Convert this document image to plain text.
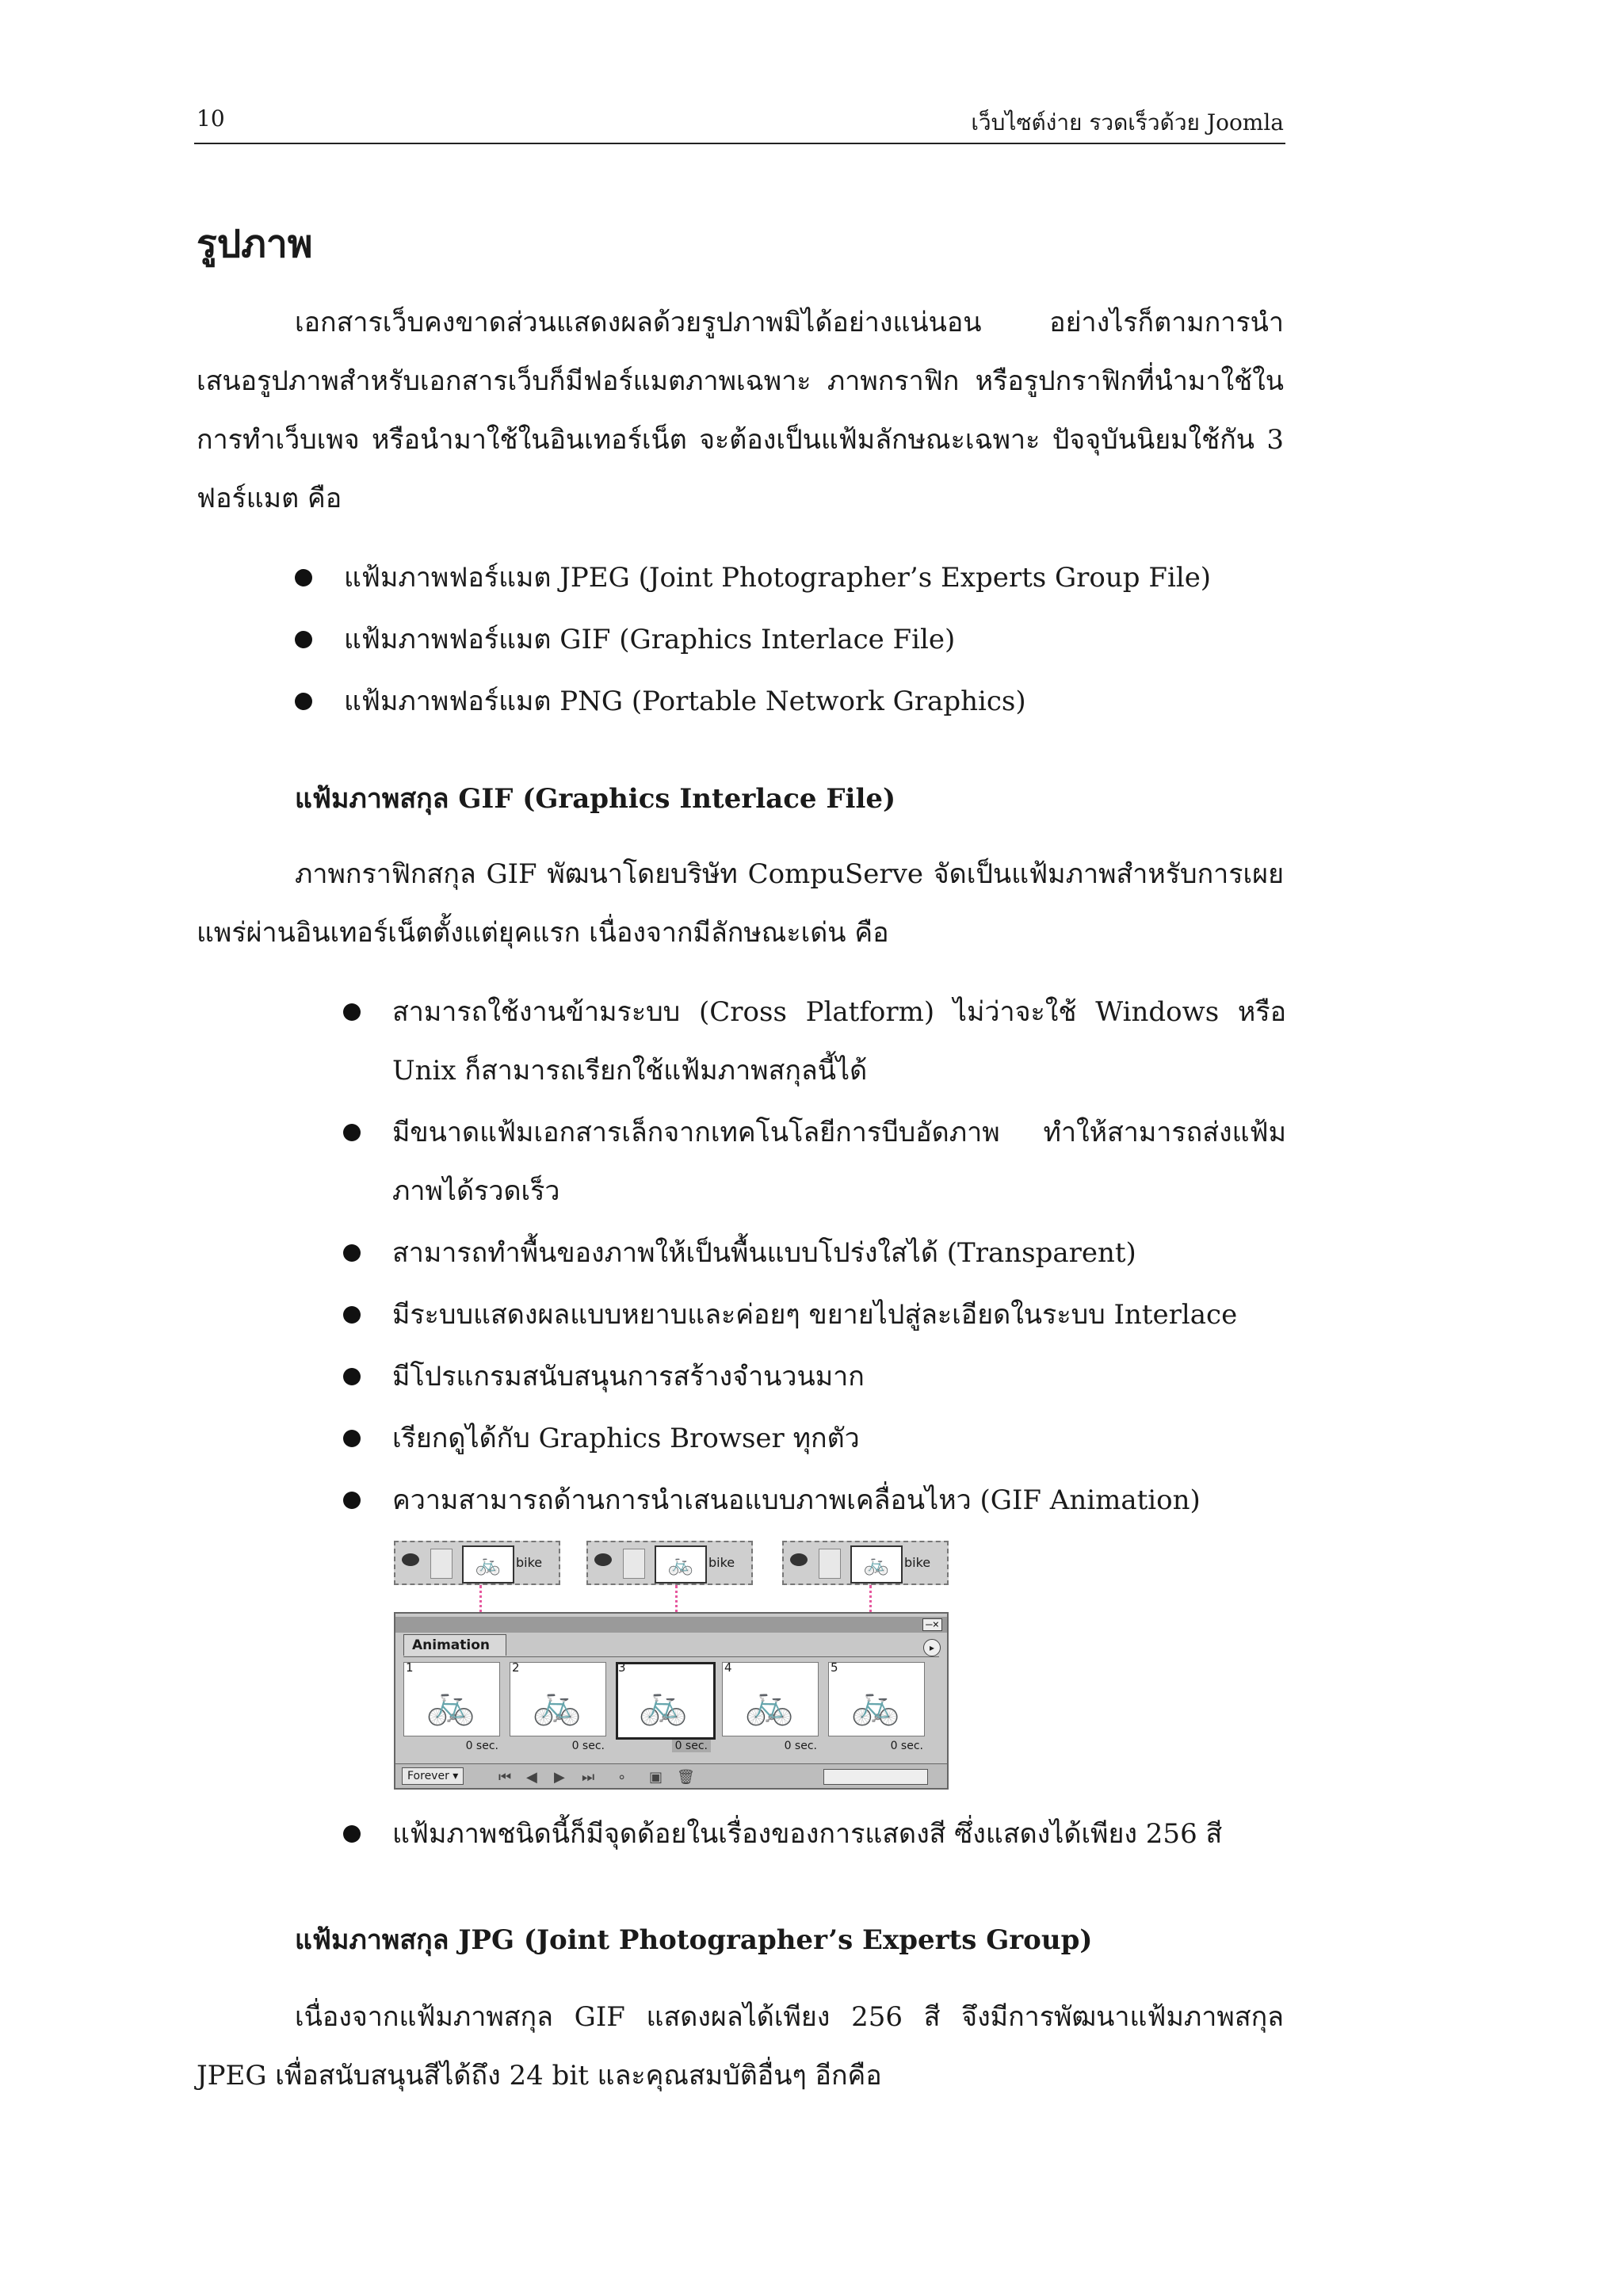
10	เว็บไซต์ง่าย รวดเร็วด้วย Joomla
รูปภาพ

เอกสารเว็บคงขาดส่วนแสดงผลด้วยรูปภาพมิได้อย่างแน่นอน อย่างไรก็ตามการนำเสนอรูปภาพสำหรับเอกสารเว็บก็มีฟอร์แมตภาพเฉพาะ ภาพกราฟิก หรือรูปกราฟิกที่นำมาใช้ในการทำเว็บเพจ หรือนำมาใช้ในอินเทอร์เน็ต จะต้องเป็นแฟ้มลักษณะเฉพาะ ปัจจุบันนิยมใช้กัน 3 ฟอร์แมต คือ

แฟ้มภาพฟอร์แมต JPEG (Joint Photographer’s Experts Group File)
แฟ้มภาพฟอร์แมต GIF (Graphics Interlace File)
แฟ้มภาพฟอร์แมต PNG (Portable Network Graphics)
แฟ้มภาพสกุล GIF (Graphics Interlace File)

ภาพกราฟิกสกุล GIF พัฒนาโดยบริษัท CompuServe จัดเป็นแฟ้มภาพสำหรับการเผยแพร่ผ่านอินเทอร์เน็ตตั้งแต่ยุคแรก เนื่องจากมีลักษณะเด่น คือ

สามารถใช้งานข้ามระบบ (Cross Platform) ไม่ว่าจะใช้ Windows หรือ Unix ก็สามารถเรียกใช้แฟ้มภาพสกุลนี้ได้
มีขนาดแฟ้มเอกสารเล็กจากเทคโนโลยีการบีบอัดภาพ ทำให้สามารถส่งแฟ้มภาพได้รวดเร็ว
สามารถทำพื้นของภาพให้เป็นพื้นแบบโปร่งใสได้ (Transparent)
มีระบบแสดงผลแบบหยาบและค่อยๆ ขยายไปสู่ละเอียดในระบบ Interlace
มีโปรแกรมสนับสนุนการสร้างจำนวนมาก
เรียกดูได้กับ Graphics Browser ทุกตัว
ความสามารถด้านการนำเสนอแบบภาพเคลื่อนไหว (GIF Animation)
🚲	bike	🚲	bike	🚲	bike
–×
Animation	▸
1
🚲
0 sec.
2
🚲
0 sec.
3
🚲
0 sec.
4
🚲
0 sec.
5
🚲
0 sec.
Forever ▾	⏮ ◀ ▶ ⏭ ∘ ▣ 🗑
แฟ้มภาพชนิดนี้ก็มีจุดด้อยในเรื่องของการแสดงสี ซึ่งแสดงได้เพียง 256 สี
แฟ้มภาพสกุล JPG (Joint Photographer’s Experts Group)

เนื่องจากแฟ้มภาพสกุล GIF แสดงผลได้เพียง 256 สี จึงมีการพัฒนาแฟ้มภาพสกุล JPEG เพื่อสนับสนุนสีได้ถึง 24 bit และคุณสมบัติอื่นๆ อีกคือ
